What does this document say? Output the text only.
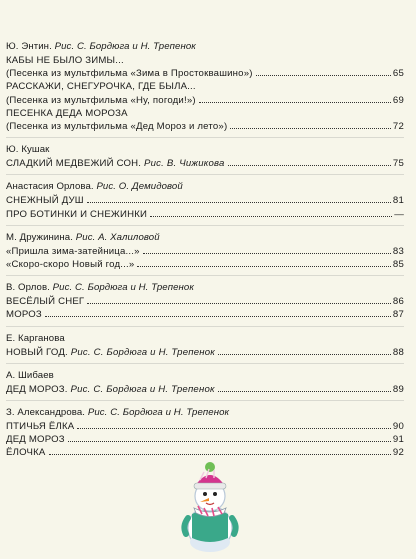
Ю. Энтин. Рис. С. Бордюга и Н. Трепенок
КАБЫ НЕ БЫЛО ЗИМЫ...
(Песенка из мультфильма «Зима в Простоквашино»)	65
РАССКАЖИ, СНЕГУРОЧКА, ГДЕ БЫЛА...
(Песенка из мультфильма «Ну, погоди!»)	69
ПЕСЕНКА ДЕДА МОРОЗА
(Песенка из мультфильма «Дед Мороз и лето»)	72
Ю. Кушак
СЛАДКИЙ МЕДВЕЖИЙ СОН. Рис. В. Чижикова	75
Анастасия Орлова. Рис. О. Демидовой
СНЕЖНЫЙ ДУШ	81
ПРО БОТИНКИ И СНЕЖИНКИ	—
М. Дружинина. Рис. А. Халиловой
«Пришла зима-затейница...»	83
«Скоро-скоро Новый год...»	85
В. Орлов. Рис. С. Бордюга и Н. Трепенок
ВЕСЁЛЫЙ СНЕГ	86
МОРОЗ	87
Е. Карганова
НОВЫЙ ГОД. Рис. С. Бордюга и Н. Трепенок	88
А. Шибаев
ДЕД МОРОЗ. Рис. С. Бордюга и Н. Трепенок	89
З. Александрова. Рис. С. Бордюга и Н. Трепенок
ПТИЧЬЯ ЁЛКА	90
ДЕД МОРОЗ	91
ЁЛОЧКА	92
